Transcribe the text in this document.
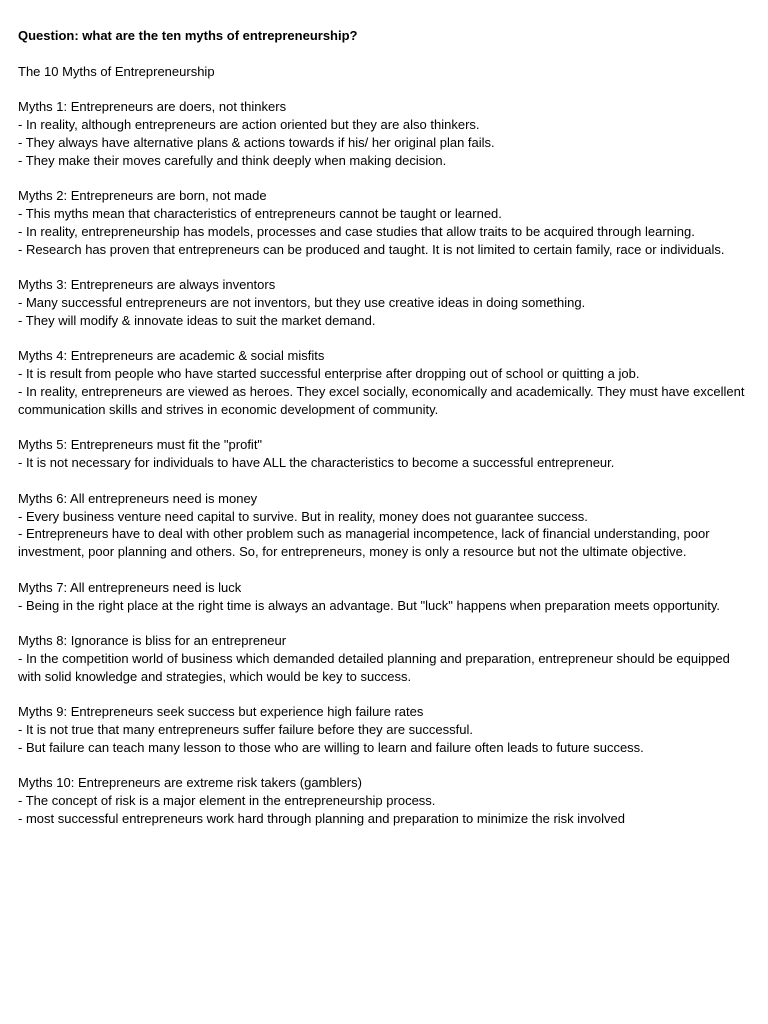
Question: what are the ten myths of entrepreneurship?

The 10 Myths of Entrepreneurship

Myths 1: Entrepreneurs are doers, not thinkers

- In reality, although entrepreneurs are action oriented but they are also thinkers.

- They always have alternative plans & actions towards if his/ her original plan fails.

- They make their moves carefully and think deeply when making decision.

Myths 2: Entrepreneurs are born, not made

- This myths mean that characteristics of entrepreneurs cannot be taught or learned.

- In reality, entrepreneurship has models, processes and case studies that allow traits to be acquired through learning.

- Research has proven that entrepreneurs can be produced and taught. It is not limited to certain family, race or individuals.

Myths 3: Entrepreneurs are always inventors

- Many successful entrepreneurs are not inventors, but they use creative ideas in doing something.

- They will modify & innovate ideas to suit the market demand.

Myths 4: Entrepreneurs are academic & social misfits

- It is result from people who have started successful enterprise after dropping out of school or quitting a job.

- In reality, entrepreneurs are viewed as heroes. They excel socially, economically and academically. They must have excellent communication skills and strives in economic development of community.

Myths 5: Entrepreneurs must fit the "profit"

- It is not necessary for individuals to have ALL the characteristics to become a successful entrepreneur.

Myths 6: All entrepreneurs need is money

- Every business venture need capital to survive. But in reality, money does not guarantee success.

- Entrepreneurs have to deal with other problem such as managerial incompetence, lack of financial understanding, poor investment, poor planning and others. So, for entrepreneurs, money is only a resource but not the ultimate objective.

Myths 7: All entrepreneurs need is luck

- Being in the right place at the right time is always an advantage. But "luck" happens when preparation meets opportunity.

Myths 8: Ignorance is bliss for an entrepreneur

- In the competition world of business which demanded detailed planning and preparation, entrepreneur should be equipped with solid knowledge and strategies, which would be key to success.

Myths 9: Entrepreneurs seek success but experience high failure rates

- It is not true that many entrepreneurs suffer failure before they are successful.

- But failure can teach many lesson to those who are willing to learn and failure often leads to future success.

Myths 10: Entrepreneurs are extreme risk takers (gamblers)

- The concept of risk is a major element in the entrepreneurship process.

- most successful entrepreneurs work hard through planning and preparation to minimize the risk involved
